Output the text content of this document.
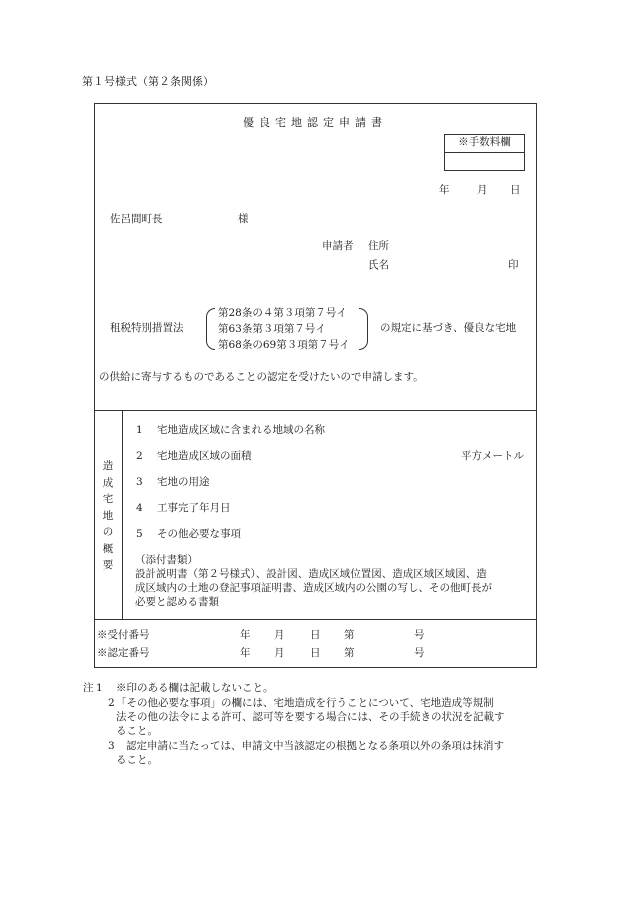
第１号様式（第２条関係）
優良宅地認定申請書
※手数料欄
年	月 日
佐呂間町長	様
申請者 住所
氏名	印
租税特別措置法
第28条の４第３項第７号イ
第63条第３項第７号イ
第68条の69第３項第７号イ
の規定に基づき、優良な宅地
の供給に寄与するものであることの認定を受けたいので申請します。
造
成
宅
地
の
概
要
1 宅地造成区域に含まれる地域の名称
2 宅地造成区域の面積	平方メートル
3 宅地の用途
4 工事完了年月日
5 その他必要な事項
（添付書類）
設計説明書（第２号様式）、設計図、造成区域位置図、造成区域区域図、造
成区域内の土地の登記事項証明書、造成区域内の公園の写し、その他町長が
必要と認める書類
※受付番号	年 月 日 第	号
※認定番号	年 月 日 第	号
注 1 ※印のある欄は記載しないこと。
2 「その他必要な事項」の欄には、宅地造成を行うことについて、宅地造成等規制
法その他の法令による許可、認可等を要する場合には、その手続きの状況を記載す
ること。
3 認定申請に当たっては、申請文中当該認定の根拠となる条項以外の条項は抹消す
ること。
